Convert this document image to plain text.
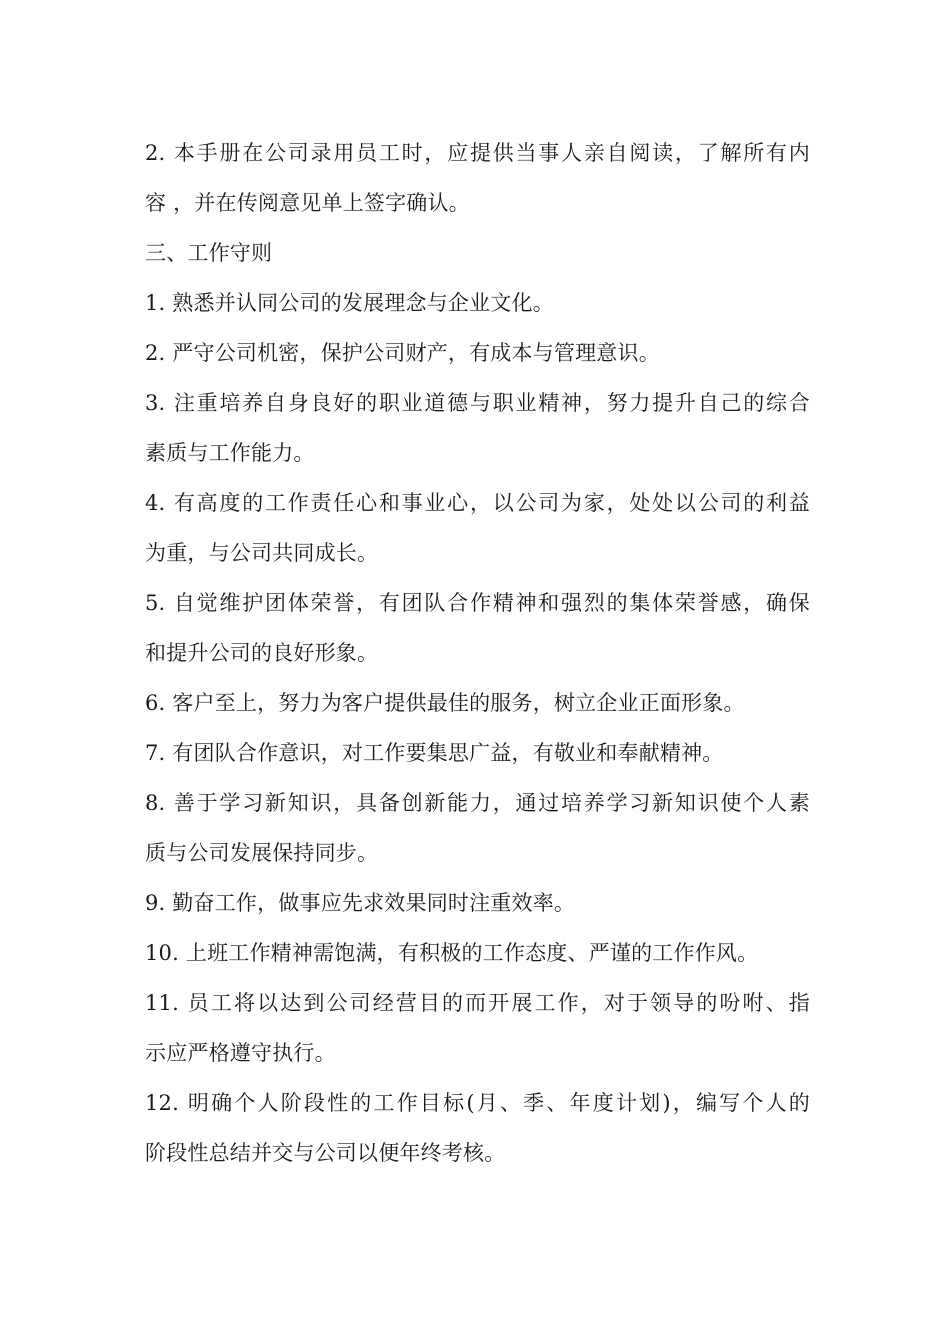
2. 本手册在公司录用员工时，应提供当事人亲自阅读，了解所有内
容 ，并在传阅意见单上签字确认。
三、工作守则
1. 熟悉并认同公司的发展理念与企业文化。
2. 严守公司机密，保护公司财产，有成本与管理意识。
3. 注重培养自身良好的职业道德与职业精神，努力提升自己的综合
素质与工作能力。
4. 有高度的工作责任心和事业心，以公司为家，处处以公司的利益
为重，与公司共同成长。
5. 自觉维护团体荣誉，有团队合作精神和强烈的集体荣誉感，确保
和提升公司的良好形象。
6. 客户至上，努力为客户提供最佳的服务，树立企业正面形象。
7. 有团队合作意识，对工作要集思广益，有敬业和奉献精神。
8. 善于学习新知识，具备创新能力，通过培养学习新知识使个人素
质与公司发展保持同步。
9. 勤奋工作，做事应先求效果同时注重效率。
10. 上班工作精神需饱满，有积极的工作态度、严谨的工作作风。
11. 员工将以达到公司经营目的而开展工作，对于领导的吩咐、指
示应严格遵守执行。
12. 明确个人阶段性的工作目标(月、季、年度计划)，编写个人的
阶段性总结并交与公司以便年终考核。
